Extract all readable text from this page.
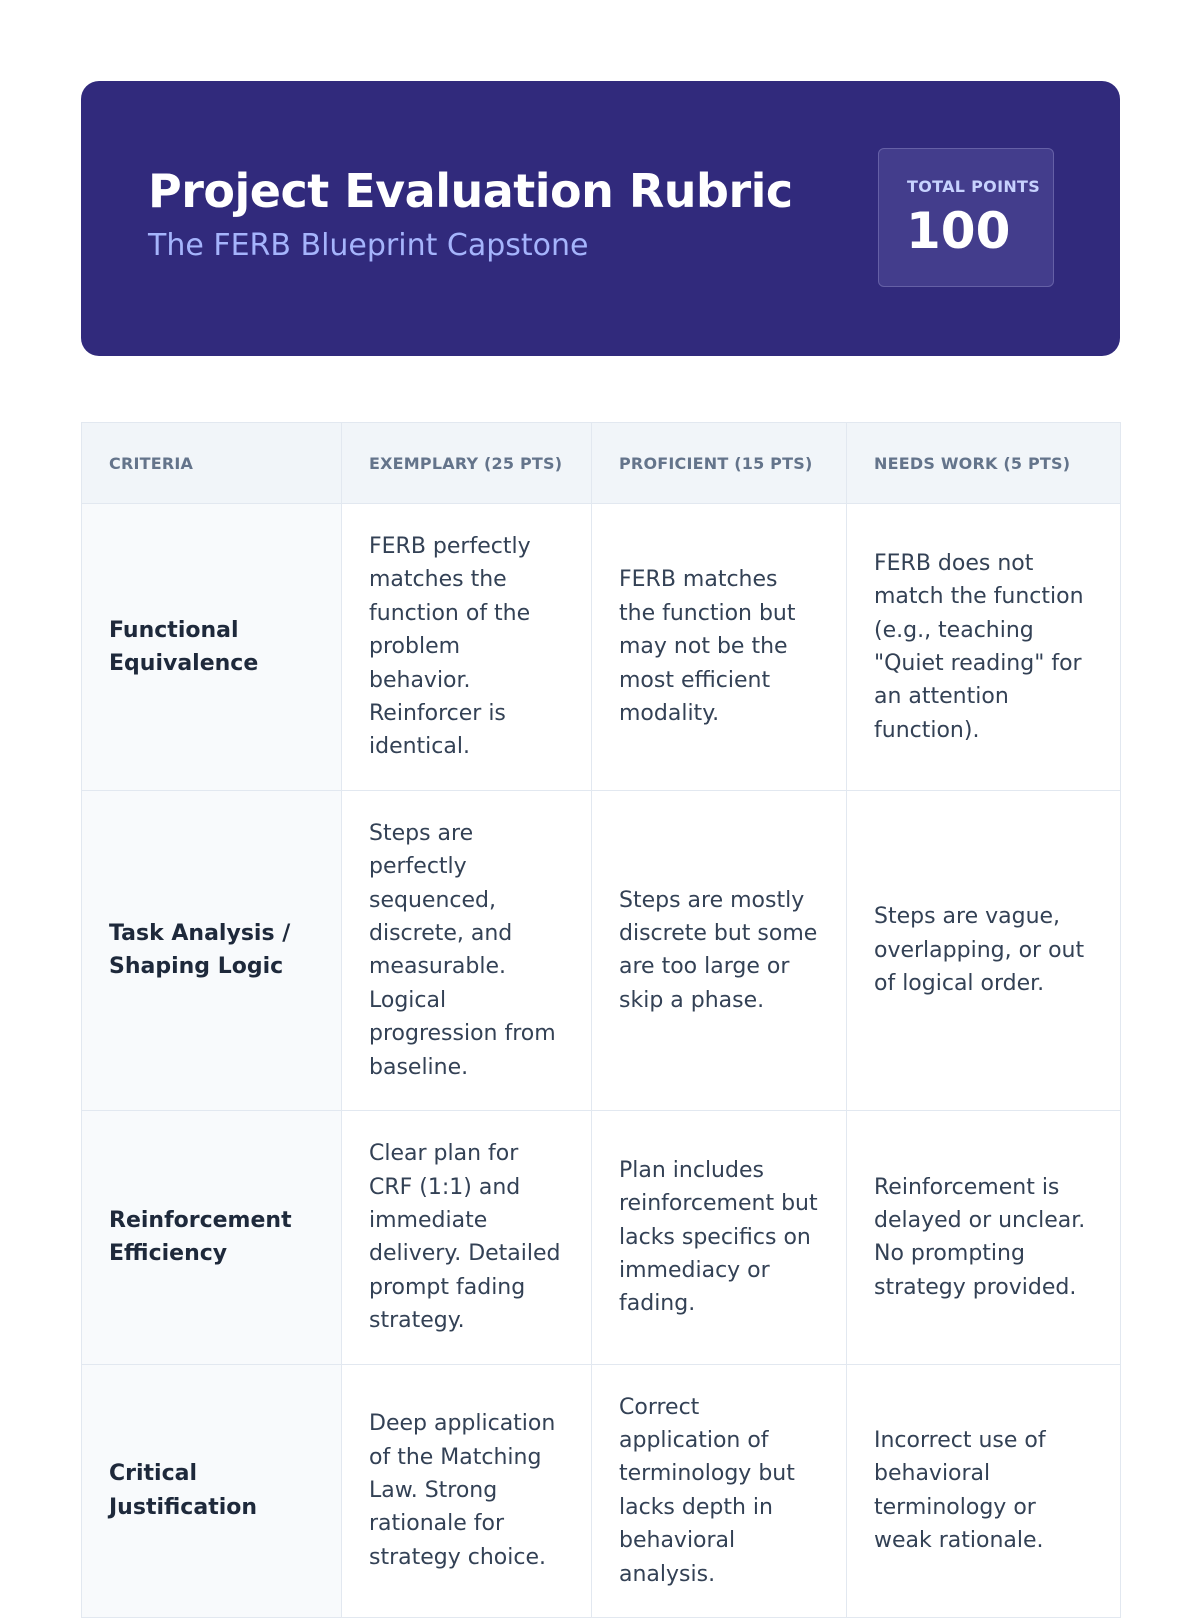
Project Evaluation Rubric
The FERB Blueprint Capstone
TOTAL POINTS
100
CRITERIA	EXEMPLARY (25 PTS)	PROFICIENT (15 PTS)	NEEDS WORK (5 PTS)
Functional Equivalence	FERB perfectly matches the function of the problem behavior. Reinforcer is identical.	FERB matches the function but may not be the most efficient modality.	FERB does not match the function (e.g., teaching "Quiet reading" for an attention function).
Task Analysis / Shaping Logic	Steps are perfectly sequenced, discrete, and measurable. Logical progression from baseline.	Steps are mostly discrete but some are too large or skip a phase.	Steps are vague, overlapping, or out of logical order.
Reinforcement Efficiency	Clear plan for CRF (1:1) and immediate delivery. Detailed prompt fading strategy.	Plan includes reinforcement but lacks specifics on immediacy or fading.	Reinforcement is delayed or unclear. No prompting strategy provided.
Critical Justification	Deep application of the Matching Law. Strong rationale for strategy choice.	Correct application of terminology but lacks depth in behavioral analysis.	Incorrect use of behavioral terminology or weak rationale.
